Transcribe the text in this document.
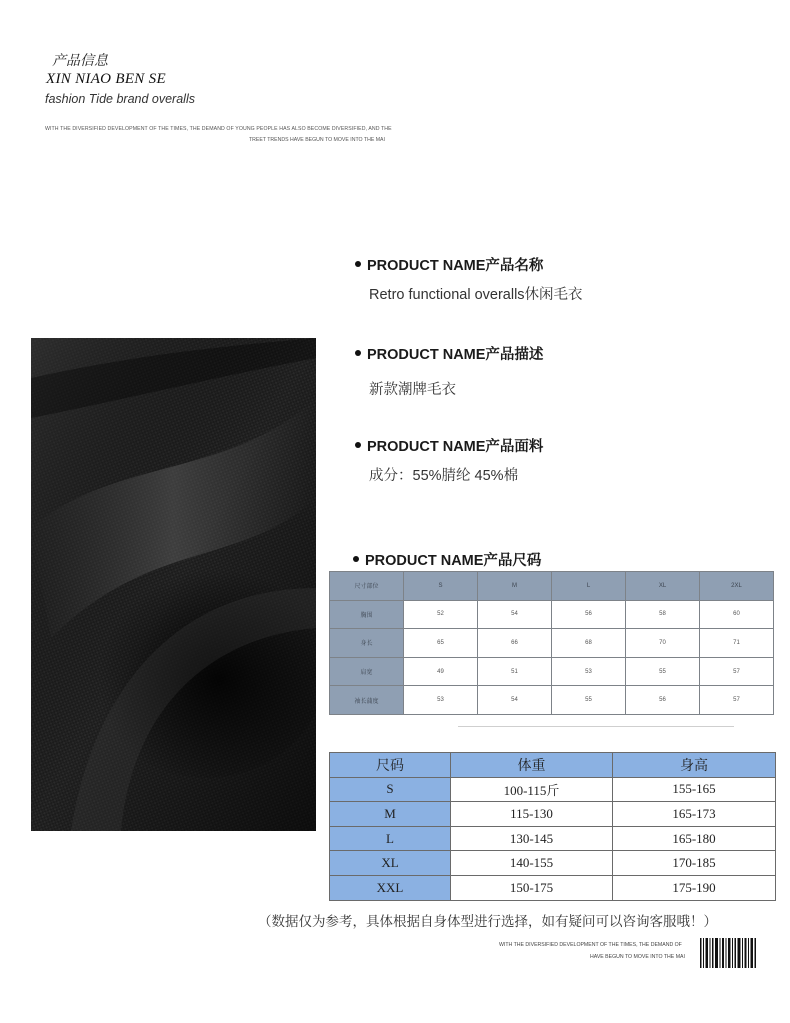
产品信息
XIN NIAO BEN SE
fashion Tide brand overalls
WITH THE DIVERSIFIED DEVELOPMENT OF THE TIMES, THE DEMAND OF YOUNG PEOPLE HAS ALSO BECOME DIVERSIFIED, AND THE
TREET TRENDS HAVE BEGUN TO MOVE INTO THE MAI
PRODUCT NAME产品名称
Retro functional overalls休闲毛衣
PRODUCT NAME产品描述
新款潮牌毛衣
PRODUCT NAME产品面料
成分：55%腈纶 45%棉
PRODUCT NAME产品尺码
尺寸部位	S	M	L	XL	2XL
胸围	52	54	56	58	60
身长	65	66	68	70	71
肩宽	49	51	53	55	57
袖长蒲度	53	54	55	56	57
尺码	体重	身高
S	100-115斤	155-165
M	115-130	165-173
L	130-145	165-180
XL	140-155	170-185
XXL	150-175	175-190
（数据仅为参考，具体根据自身体型进行选择，如有疑问可以咨询客服哦！）
WITH THE DIVERSIFIED DEVELOPMENT OF THE TIMES, THE DEMAND OF
HAVE BEGUN TO MOVE INTO THE MAI
